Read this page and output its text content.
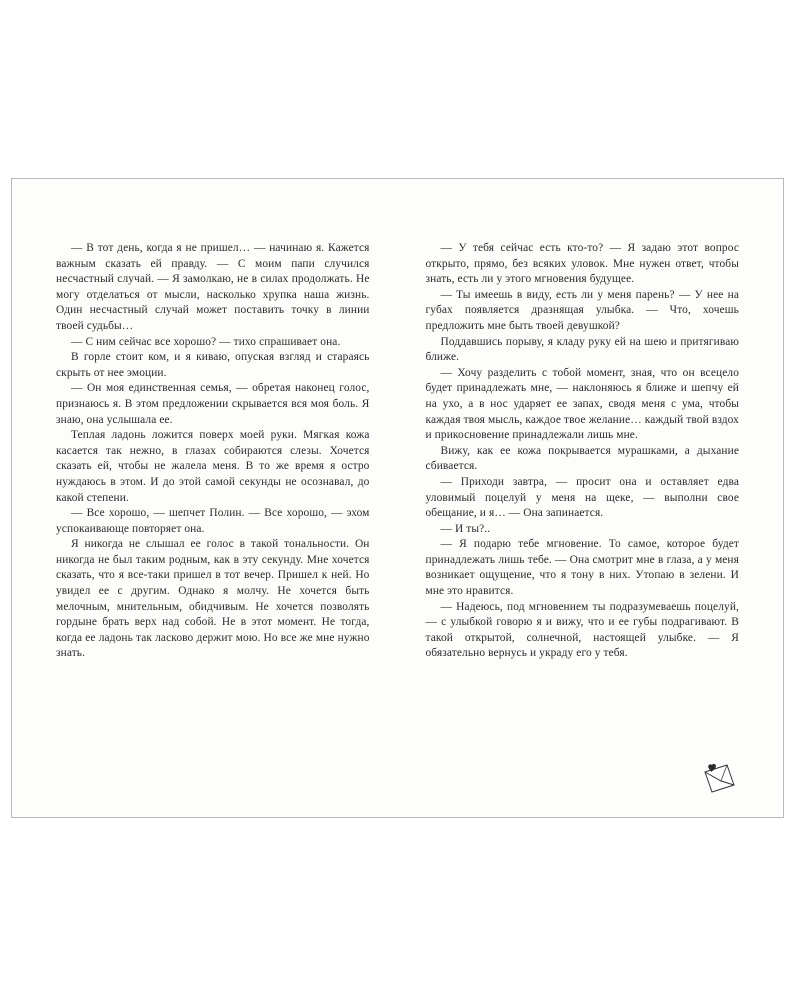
— В тот день, когда я не пришел… — начинаю я. Кажется важным сказать ей правду. — С моим папи случился несчастный случай. — Я замолкаю, не в силах продолжать. Не могу отделаться от мысли, насколько хрупка наша жизнь. Один несчастный случай может поставить точку в линии твоей судьбы…

— С ним сейчас все хорошо? — тихо спрашивает она.

В горле стоит ком, и я киваю, опуская взгляд и стараясь скрыть от нее эмоции.

— Он моя единственная семья, — обретая наконец голос, признаюсь я. В этом предложении скрывается вся моя боль. Я знаю, она услышала ее.

Теплая ладонь ложится поверх моей руки. Мягкая кожа касается так нежно, в глазах собираются слезы. Хочется сказать ей, чтобы не жалела меня. В то же время я остро нуждаюсь в этом. И до этой самой секунды не осознавал, до какой степени.

— Все хорошо, — шепчет Полин. — Все хорошо, — эхом успокаивающе повторяет она.

Я никогда не слышал ее голос в такой тональности. Он никогда не был таким родным, как в эту секунду. Мне хочется сказать, что я все-таки пришел в тот вечер. Пришел к ней. Но увидел ее с другим. Однако я молчу. Не хочется быть мелочным, мнительным, обидчивым. Не хочется позволять гордыне брать верх над собой. Не в этот момент. Не тогда, когда ее ладонь так ласково держит мою. Но все же мне нужно знать.

— У тебя сейчас есть кто-то? — Я задаю этот вопрос открыто, прямо, без всяких уловок. Мне нужен ответ, чтобы знать, есть ли у этого мгновения будущее.

— Ты имеешь в виду, есть ли у меня парень? — У нее на губах появляется дразнящая улыбка. — Что, хочешь предложить мне быть твоей девушкой?

Поддавшись порыву, я кладу руку ей на шею и притягиваю ближе.

— Хочу разделить с тобой момент, зная, что он всецело будет принадлежать мне, — наклоняюсь я ближе и шепчу ей на ухо, а в нос ударяет ее запах, сводя меня с ума, чтобы каждая твоя мысль, каждое твое желание… каждый твой вздох и прикосновение принадлежали лишь мне.

Вижу, как ее кожа покрывается мурашками, а дыхание сбивается.

— Приходи завтра, — просит она и оставляет едва уловимый поцелуй у меня на щеке, — выполни свое обещание, и я… — Она запинается.

— И ты?..

— Я подарю тебе мгновение. То самое, которое будет принадлежать лишь тебе. — Она смотрит мне в глаза, а у меня возникает ощущение, что я тону в них. Утопаю в зелени. И мне это нравится.

— Надеюсь, под мгновением ты подразумеваешь поцелуй, — с улыбкой говорю я и вижу, что и ее губы подрагивают. В такой открытой, солнечной, настоящей улыбке. — Я обязательно вернусь и украду его у тебя.
